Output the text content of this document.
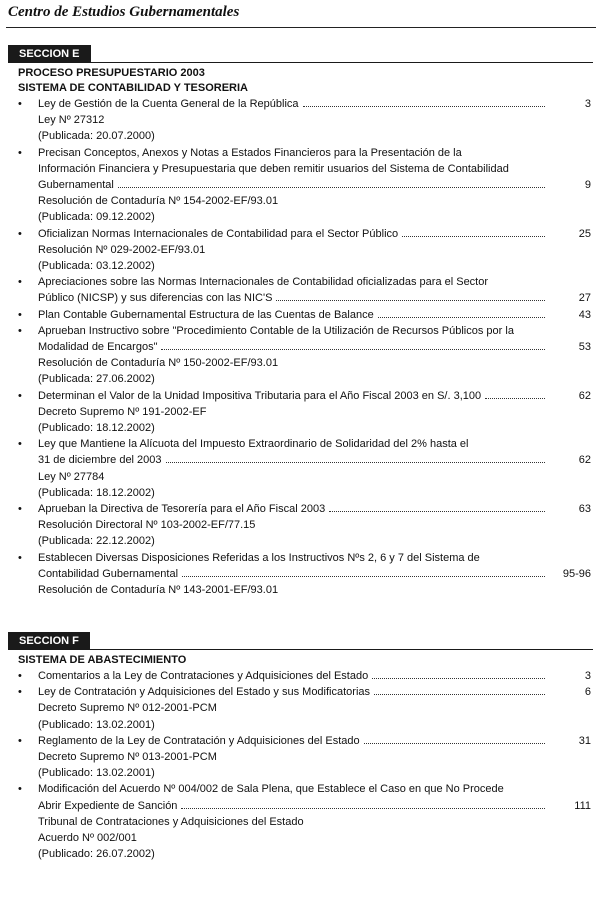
Centro de Estudios Gubernamentales
SECCION E
PROCESO PRESUPUESTARIO 2003
SISTEMA DE CONTABILIDAD Y TESORERIA
• Ley de Gestión de la Cuenta General de la República	3
Ley Nº 27312
(Publicada: 20.07.2000)
• Precisan Conceptos, Anexos y Notas a Estados Financieros para la Presentación de la
Información Financiera y Presupuestaria que deben remitir usuarios del Sistema de Contabilidad
Gubernamental	9
Resolución de Contaduría Nº 154-2002-EF/93.01
(Publicada: 09.12.2002)
• Oficializan Normas Internacionales de Contabilidad para el Sector Público	25
Resolución Nº 029-2002-EF/93.01
(Publicada: 03.12.2002)
• Apreciaciones sobre las Normas Internacionales de Contabilidad oficializadas para el Sector
Público (NICSP) y sus diferencias con las NIC'S	27
• Plan Contable Gubernamental Estructura de las Cuentas de Balance	43
• Aprueban Instructivo sobre "Procedimiento Contable de la Utilización de Recursos Públicos por la
Modalidad de Encargos"	53
Resolución de Contaduría Nº 150-2002-EF/93.01
(Publicada: 27.06.2002)
• Determinan el Valor de la Unidad Impositiva Tributaria para el Año Fiscal 2003 en S/. 3,100	62
Decreto Supremo Nº 191-2002-EF
(Publicado: 18.12.2002)
• Ley que Mantiene la Alícuota del Impuesto Extraordinario de Solidaridad del 2% hasta el
31 de diciembre del 2003	62
Ley Nº 27784
(Publicada: 18.12.2002)
• Aprueban la Directiva de Tesorería para el Año Fiscal 2003	63
Resolución Directoral Nº 103-2002-EF/77.15
(Publicada: 22.12.2002)
• Establecen Diversas Disposiciones Referidas a los Instructivos Nºs 2, 6 y 7 del Sistema de
Contabilidad Gubernamental	95-96
Resolución de Contaduría Nº 143-2001-EF/93.01
SECCION F
SISTEMA DE ABASTECIMIENTO
• Comentarios a la Ley de Contrataciones y Adquisiciones del Estado	3
• Ley de Contratación y Adquisiciones del Estado y sus Modificatorias	6
Decreto Supremo Nº 012-2001-PCM
(Publicado: 13.02.2001)
• Reglamento de la Ley de Contratación y Adquisiciones del Estado	31
Decreto Supremo Nº 013-2001-PCM
(Publicado: 13.02.2001)
• Modificación del Acuerdo Nº 004/002 de Sala Plena, que Establece el Caso en que No Procede
Abrir Expediente de Sanción	111
Tribunal de Contrataciones y Adquisiciones del Estado
Acuerdo Nº 002/001
(Publicado: 26.07.2002)
